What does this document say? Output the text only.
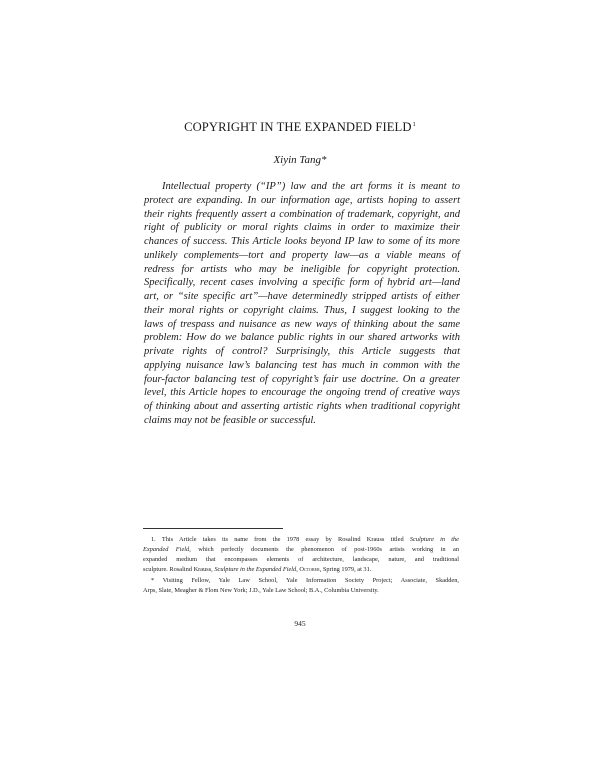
COPYRIGHT IN THE EXPANDED FIELD$^1$
Xiyin Tang*
Intellectual property (“IP”) law and the art forms it is meant to
protect are expanding. In our information age, artists hoping to assert
their rights frequently assert a combination of trademark, copyright, and
right of publicity or moral rights claims in order to maximize their
chances of success. This Article looks beyond IP law to some of its more
unlikely complements—tort and property law—as a viable means of
redress for artists who may be ineligible for copyright protection.
Specifically, recent cases involving a specific form of hybrid art—land
art, or “site specific art”—have determinedly stripped artists of either
their moral rights or copyright claims. Thus, I suggest looking to the
laws of trespass and nuisance as new ways of thinking about the same
problem: How do we balance public rights in our shared artworks with
private rights of control? Surprisingly, this Article suggests that
applying nuisance law’s balancing test has much in common with the
four-factor balancing test of copyright’s fair use doctrine. On a greater
level, this Article hopes to encourage the ongoing trend of creative ways
of thinking about and asserting artistic rights when traditional copyright
claims may not be feasible or successful.
1. This Article takes its name from the 1978 essay by Rosalind Krauss titled Sculpture in the
Expanded Field, which perfectly documents the phenomenon of post-1960s artists working in an
expanded medium that encompasses elements of architecture, landscape, nature, and traditional
sculpture. Rosalind Krauss, Sculpture in the Expanded Field, October, Spring 1979, at 31.
* Visiting Fellow, Yale Law School, Yale Information Society Project; Associate, Skadden,
Arps, Slate, Meagher & Flom New York; J.D., Yale Law School; B.A., Columbia University.
945
